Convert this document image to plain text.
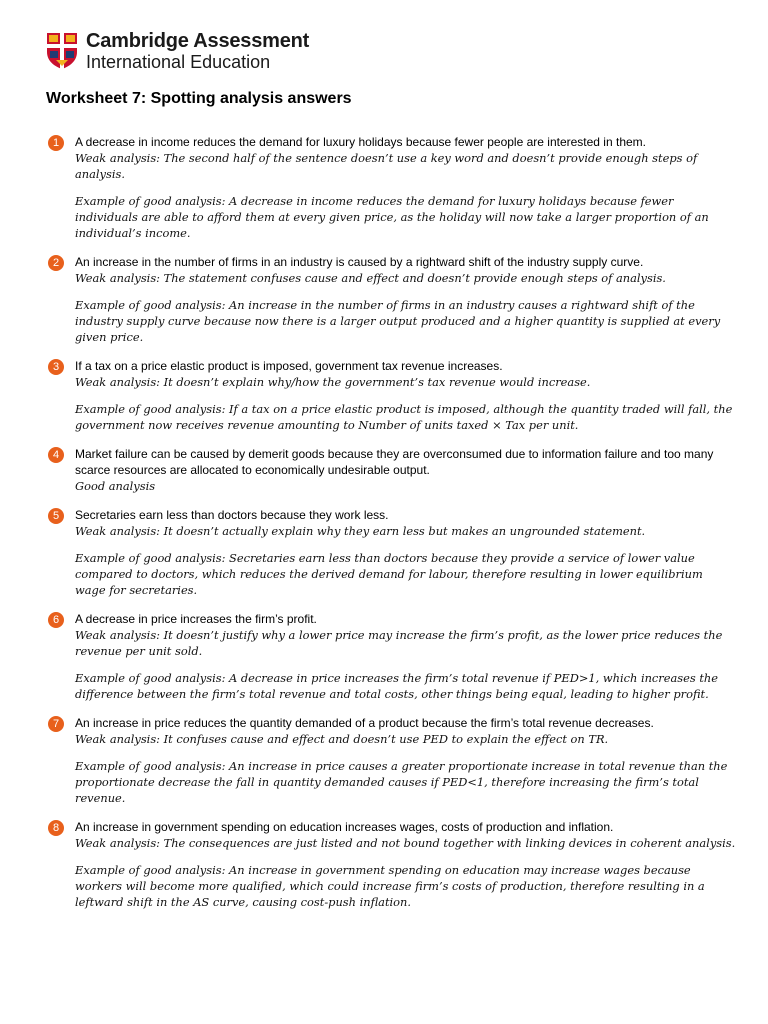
Cambridge Assessment
International Education
Worksheet 7: Spotting analysis answers
1	A decrease in income reduces the demand for luxury holidays because fewer people are interested in them.
Weak analysis: The second half of the sentence doesn’t use a key word and doesn’t provide enough steps of analysis.
Example of good analysis: A decrease in income reduces the demand for luxury holidays because fewer individuals are able to afford them at every given price, as the holiday will now take a larger proportion of an individual’s income.
2	An increase in the number of firms in an industry is caused by a rightward shift of the industry supply curve.
Weak analysis: The statement confuses cause and effect and doesn’t provide enough steps of analysis.
Example of good analysis: An increase in the number of firms in an industry causes a rightward shift of the industry supply curve because now there is a larger output produced and a higher quantity is supplied at every given price.
3	If a tax on a price elastic product is imposed, government tax revenue increases.
Weak analysis: It doesn’t explain why/how the government’s tax revenue would increase.
Example of good analysis: If a tax on a price elastic product is imposed, although the quantity traded will fall, the government now receives revenue amounting to Number of units taxed × Tax per unit.
4	Market failure can be caused by demerit goods because they are overconsumed due to information failure and too many scarce resources are allocated to economically undesirable output.
Good analysis
5	Secretaries earn less than doctors because they work less.
Weak analysis: It doesn’t actually explain why they earn less but makes an ungrounded statement.
Example of good analysis: Secretaries earn less than doctors because they provide a service of lower value compared to doctors, which reduces the derived demand for labour, therefore resulting in lower equilibrium wage for secretaries.
6	A decrease in price increases the firm’s profit.
Weak analysis: It doesn’t justify why a lower price may increase the firm’s profit, as the lower price reduces the revenue per unit sold.
Example of good analysis: A decrease in price increases the firm’s total revenue if PED>1, which increases the difference between the firm’s total revenue and total costs, other things being equal, leading to higher profit.
7	An increase in price reduces the quantity demanded of a product because the firm’s total revenue decreases.
Weak analysis: It confuses cause and effect and doesn’t use PED to explain the effect on TR.
Example of good analysis: An increase in price causes a greater proportionate increase in total revenue than the proportionate decrease the fall in quantity demanded causes if PED<1, therefore increasing the firm’s total revenue.
8	An increase in government spending on education increases wages, costs of production and inflation.
Weak analysis: The consequences are just listed and not bound together with linking devices in coherent analysis.
Example of good analysis: An increase in government spending on education may increase wages because workers will become more qualified, which could increase firm’s costs of production, therefore resulting in a leftward shift in the AS curve, causing cost-push inflation.
